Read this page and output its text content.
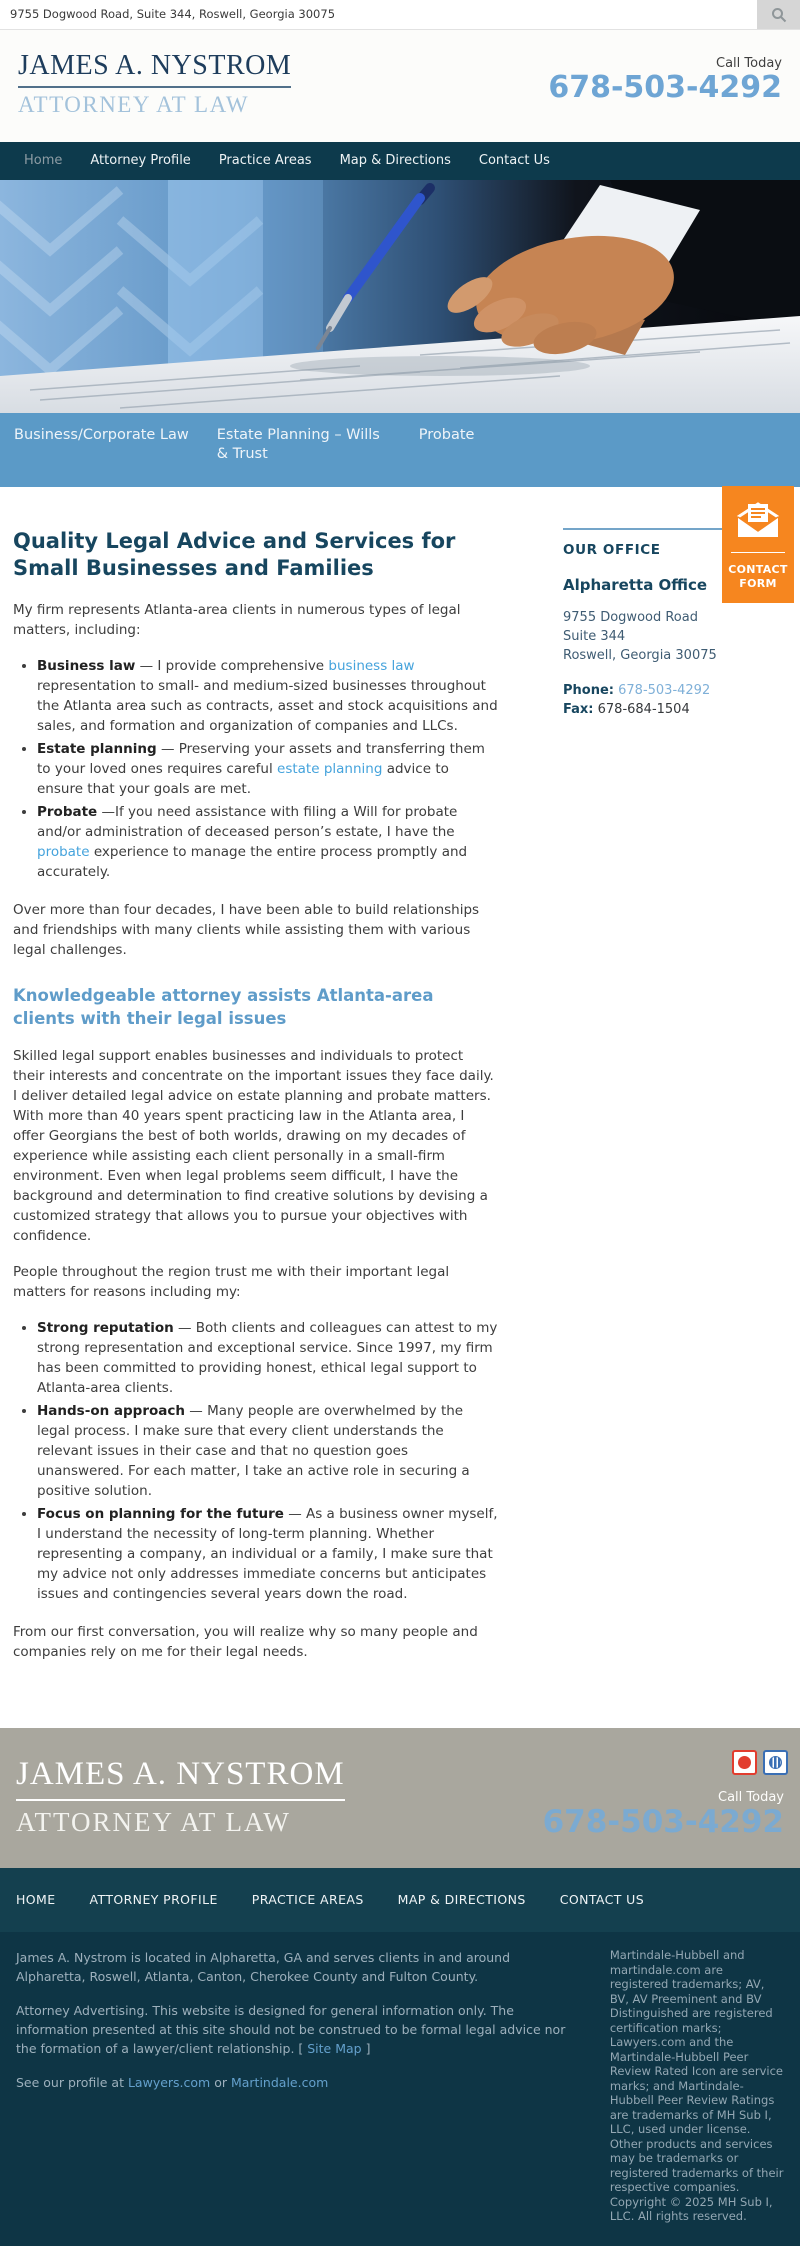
9755 Dogwood Road, Suite 344, Roswell, Georgia 30075
JAMES A. NYSTROM
ATTORNEY AT LAW
Call Today
678-503-4292
Home	Attorney Profile	Practice Areas	Map & Directions	Contact Us
Business/Corporate Law Estate Planning – Wills & Trust
Probate
Quality Legal Advice and Services for Small Businesses and Families

My firm represents Atlanta-area clients in numerous types of legal matters, including:

• Business law — I provide comprehensive business law representation to small- and medium-sized businesses throughout the Atlanta area such as contracts, asset and stock acquisitions and sales, and formation and organization of companies and LLCs.
• Estate planning — Preserving your assets and transferring them to your loved ones requires careful estate planning advice to ensure that your goals are met.
• Probate —If you need assistance with filing a Will for probate and/or administration of deceased person’s estate, I have the probate experience to manage the entire process promptly and accurately.

Over more than four decades, I have been able to build relationships and friendships with many clients while assisting them with various legal challenges.

Knowledgeable attorney assists Atlanta-area clients with their legal issues

Skilled legal support enables businesses and individuals to protect their interests and concentrate on the important issues they face daily. I deliver detailed legal advice on estate planning and probate matters. With more than 40 years spent practicing law in the Atlanta area, I offer Georgians the best of both worlds, drawing on my decades of experience while assisting each client personally in a small-firm environment. Even when legal problems seem difficult, I have the background and determination to find creative solutions by devising a customized strategy that allows you to pursue your objectives with confidence.

People throughout the region trust me with their important legal matters for reasons including my:

• Strong reputation — Both clients and colleagues can attest to my strong representation and exceptional service. Since 1997, my firm has been committed to providing honest, ethical legal support to Atlanta-area clients.
• Hands-on approach — Many people are overwhelmed by the legal process. I make sure that every client understands the relevant issues in their case and that no question goes unanswered. For each matter, I take an active role in securing a positive solution.
• Focus on planning for the future — As a business owner myself, I understand the necessity of long-term planning. Whether representing a company, an individual or a family, I make sure that my advice not only addresses immediate concerns but anticipates issues and contingencies several years down the road.

From our first conversation, you will realize why so many people and companies rely on me for their legal needs.

OUR OFFICE
Alpharetta Office
9755 Dogwood Road
Suite 344
Roswell, Georgia 30075
Phone: 678-503-4292
Fax: 678-684-1504
CONTACT FORM
JAMES A. NYSTROM
ATTORNEY AT LAW
Call Today
678-503-4292
HOME	ATTORNEY PROFILE	PRACTICE AREAS	MAP & DIRECTIONS	CONTACT US

James A. Nystrom is located in Alpharetta, GA and serves clients in and around Alpharetta, Roswell, Atlanta, Canton, Cherokee County and Fulton County.

Attorney Advertising. This website is designed for general information only. The information presented at this site should not be construed to be formal legal advice nor the formation of a lawyer/client relationship. [ Site Map ]

See our profile at Lawyers.com or Martindale.com

Martindale-Hubbell and martindale.com are registered trademarks; AV, BV, AV Preeminent and BV Distinguished are registered certification marks; Lawyers.com and the Martindale-Hubbell Peer Review Rated Icon are service marks; and Martindale-Hubbell Peer Review Ratings are trademarks of MH Sub I, LLC, used under license. Other products and services may be trademarks or registered trademarks of their respective companies. Copyright © 2025 MH Sub I, LLC. All rights reserved.
